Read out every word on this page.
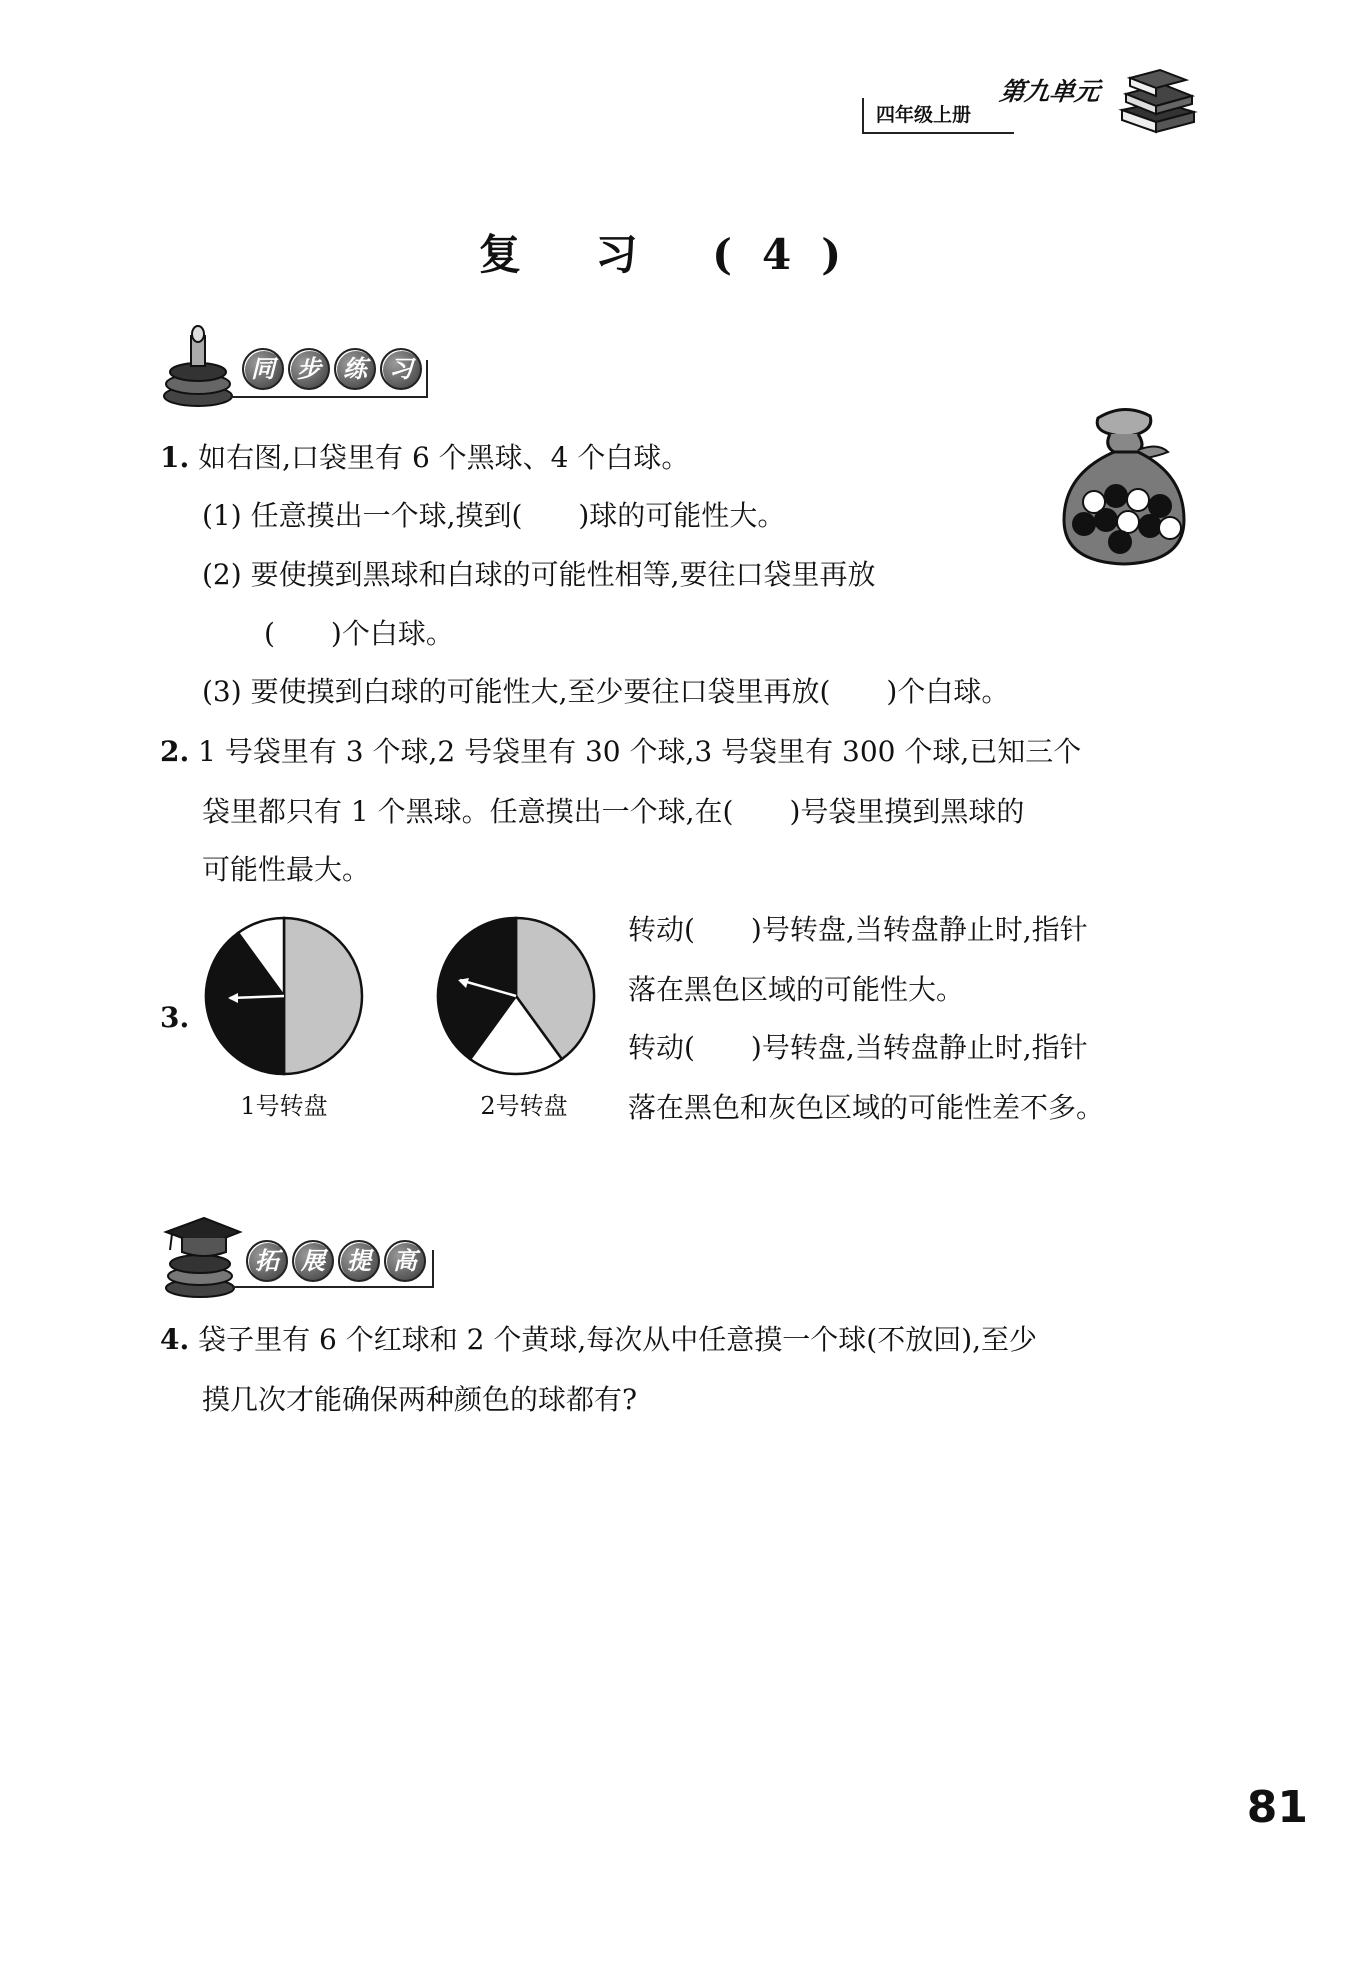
四年级上册
第九单元
复 习 (4)
同 步 练 习
1. 如右图,口袋里有 6 个黑球、4 个白球。
(1) 任意摸出一个球,摸到(　　)球的可能性大。
(2) 要使摸到黑球和白球的可能性相等,要往口袋里再放
(　　)个白球。
(3) 要使摸到白球的可能性大,至少要往口袋里再放(　　)个白球。
2. 1 号袋里有 3 个球,2 号袋里有 30 个球,3 号袋里有 300 个球,已知三个
袋里都只有 1 个黑球。任意摸出一个球,在(　　)号袋里摸到黑球的
可能性最大。
3.
1号转盘	2号转盘
转动(　　)号转盘,当转盘静止时,指针
落在黑色区域的可能性大。
转动(　　)号转盘,当转盘静止时,指针
落在黑色和灰色区域的可能性差不多。
拓 展 提 高
4. 袋子里有 6 个红球和 2 个黄球,每次从中任意摸一个球(不放回),至少
摸几次才能确保两种颜色的球都有?
81
